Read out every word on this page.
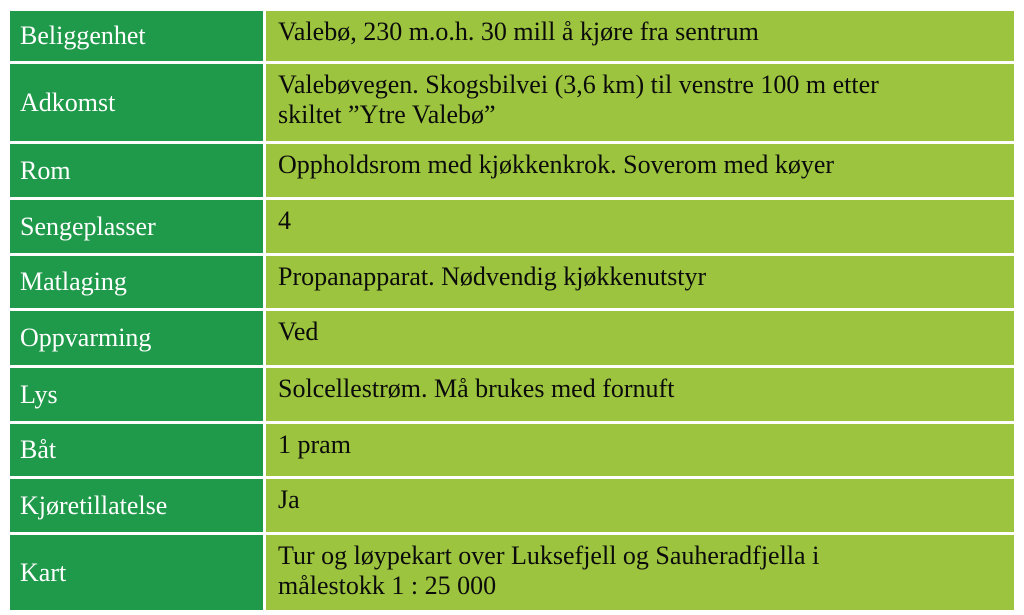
Beliggenhet	Valebø, 230 m.o.h. 30 mill å kjøre fra sentrum
Adkomst	Valebøvegen. Skogsbilvei (3,6 km) til venstre 100 m etter
skiltet ”Ytre Valebø”

Rom	Oppholdsrom med kjøkkenkrok. Soverom med køyer
Sengeplasser	4
Matlaging	Propanapparat. Nødvendig kjøkkenutstyr
Oppvarming	Ved
Lys	Solcellestrøm. Må brukes med fornuft
Båt	1 pram
Kjøretillatelse	Ja
Kart	Tur og løypekart over Luksefjell og Sauheradfjella i
målestokk 1 : 25 000
